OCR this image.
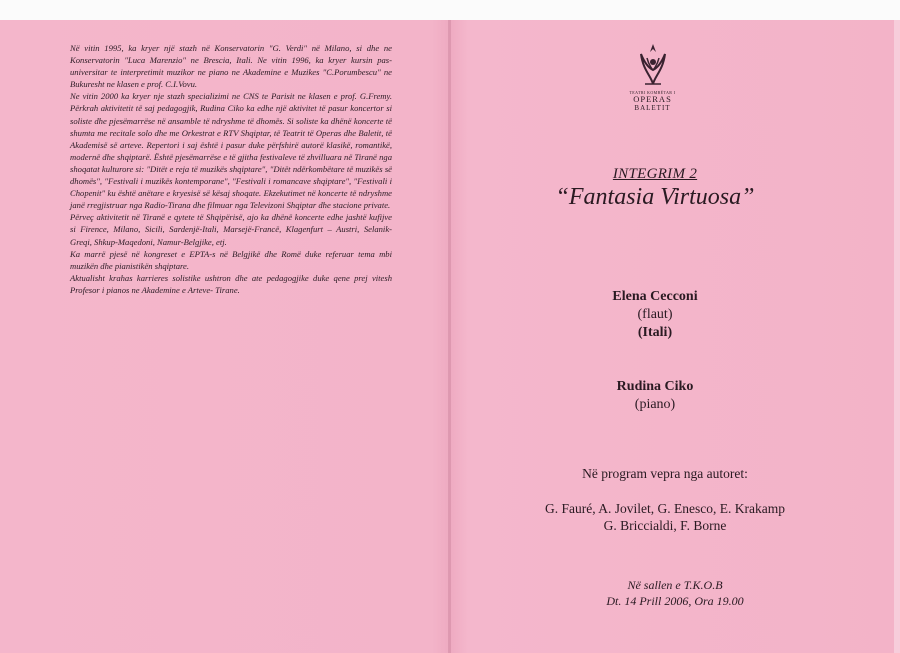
Në vitin 1995, ka kryer një stazh në Konservatorin "G. Verdi" në Milano, si dhe ne Konservatorin "Luca Marenzio" ne Brescia, Itali. Ne vitin 1996, ka kryer kursin pas-universitar te interpretimit muzikor ne piano ne Akademine e Muzikes "C.Porumbescu" ne Bukuresht ne klasen e prof. C.I.Vovu.

Ne vitin 2000 ka kryer nje stazh specializimi ne CNS te Parisit ne klasen e prof. G.Fremy. Përkrah aktivitetit të saj pedagogjik, Rudina Ciko ka edhe një aktivitet të pasur koncertor si soliste dhe pjesëmarrëse në ansamble të ndryshme të dhomës. Si soliste ka dhënë koncerte të shumta me recitale solo dhe me Orkestrat e RTV Shqiptar, të Teatrit të Operas dhe Baletit, të Akademisë së arteve. Repertori i saj është i pasur duke përfshirë autorë klasikë, romantikë, modernë dhe shqiptarë. Është pjesëmarrëse e të gjitha festivaleve të zhvilluara në Tiranë nga shoqatat kulturore si: "Ditët e reja të muzikës shqiptare", "Ditët ndërkombëtare të muzikës së dhomës", "Festivali i muzikës kontemporane", "Festivali i romancave shqiptare", "Festivali i Chopenit" ku është anëtare e kryesisë së kësaj shoqate. Ekzekutimet në koncerte të ndryshme janë rregjistruar nga Radio-Tirana dhe filmuar nga Televizoni Shqiptar dhe stacione private.

Përveç aktivitetit në Tiranë e qytete të Shqipërisë, ajo ka dhënë koncerte edhe jashtë kufijve si Firence, Milano, Sicili, Sardenjë-Itali, Marsejë-Francë, Klagenfurt – Austri, Selanik-Greqi, Shkup-Maqedoni, Namur-Belgjike, etj.

Ka marrë pjesë në kongreset e EPTA-s në Belgjikë dhe Romë duke referuar tema mbi muzikën dhe pianistikën shqiptare.

Aktualisht krahas karrieres solistike ushtron dhe ate pedagogjike duke qene prej vitesh Profesor i pianos ne Akademine e Arteve- Tirane.

TEATRI KOMBËTAR I
OPERAS
BALETIT
INTEGRIM 2
“Fantasia Virtuosa”
Elena Cecconi
(flaut)
(Itali)
Rudina Ciko
(piano)
Në program vepra nga autoret:
G. Fauré, A. Jovilet, G. Enesco, E. Krakamp
G. Briccialdi, F. Borne
Në sallen e T.K.O.B
Dt. 14 Prill 2006, Ora 19.00
